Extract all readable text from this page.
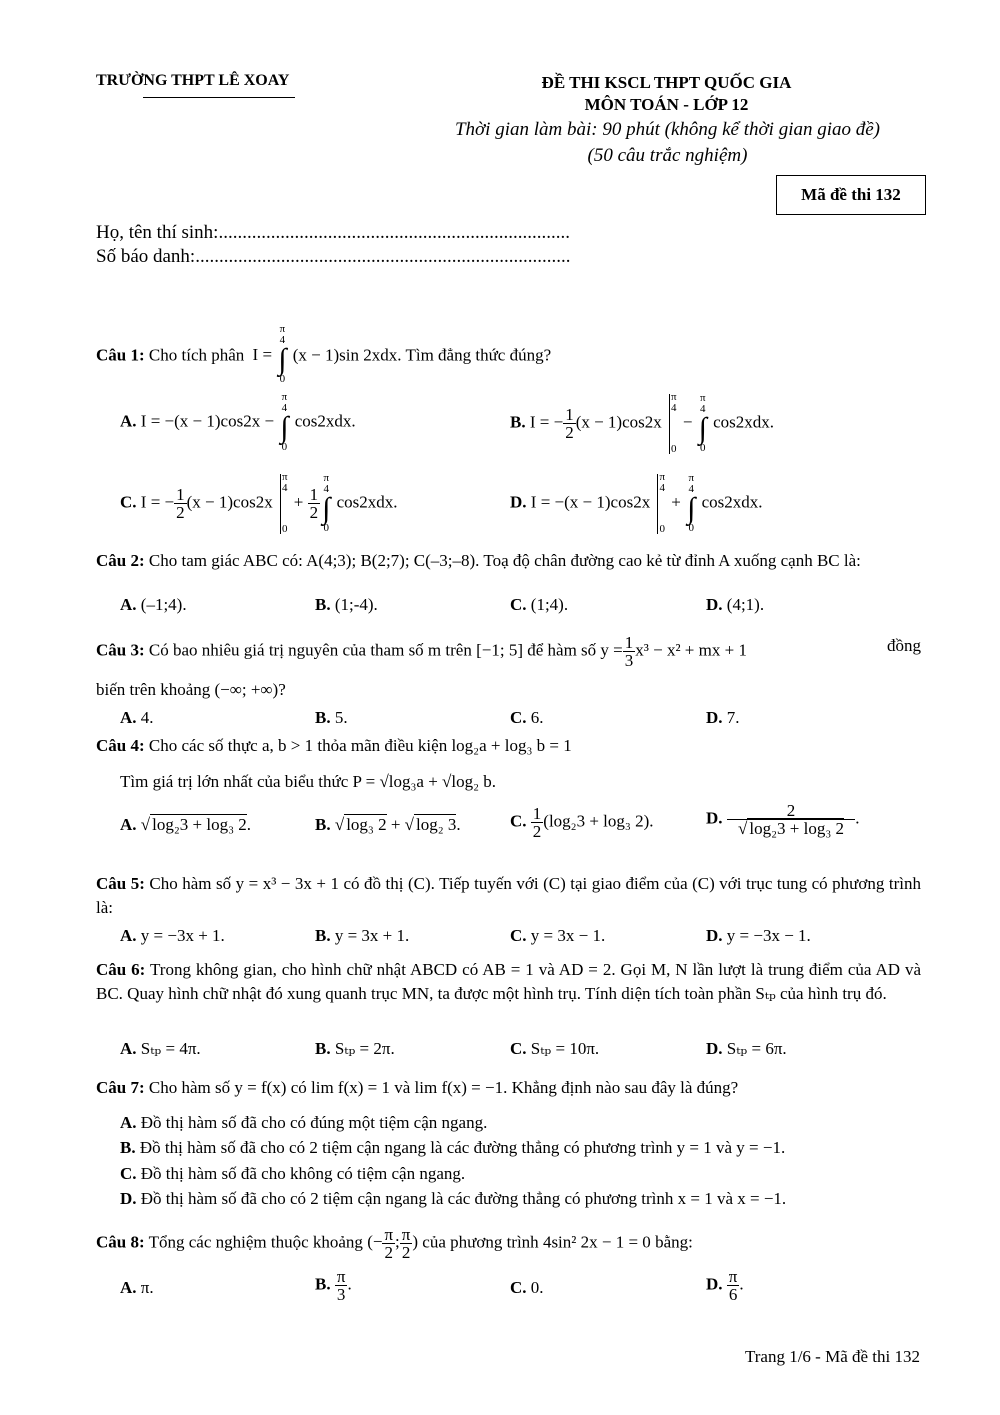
TRƯỜNG THPT LÊ XOAY	ĐỀ THI KSCL THPT QUỐC GIA
MÔN TOÁN - LỚP 12
Thời gian làm bài: 90 phút (không kể thời gian giao đề)
(50 câu trắc nghiệm)
Mã đề thi 132
Họ, tên thí sinh:..........................................................................
Số báo danh:...............................................................................
Câu 1: Cho tích phân I =
π
4
∫
0
(x − 1)sin 2xdx. Tìm đẳng thức đúng?
A. I = −(x − 1)cos2x −
π
4
∫
0
cos2xdx.	B. I = − $\frac{1}{2} (x - 1)\cos 2x$
π
4
0
−
π
4
∫
0
cos2xdx.
C. I = − $\frac{1}{2} (x - 1)\cos 2x$
π
4
0
+ $\frac{1}{2}$
π
4
∫
0
cos2xdx.	D. I = −(x − 1)cos2x
π
4
0
+
π
4
∫
0
cos2xdx.
Câu 2: Cho tam giác ABC có: A(4;3); B(2;7); C(–3;–8). Toạ độ chân đường cao kẻ từ đỉnh A xuống cạnh BC là:
A. (–1;4).	B. (1;-4).	C. (1;4).	D. (4;1).
Câu 3: Có bao nhiêu giá trị nguyên của tham số m trên [−1; 5] để hàm số $y = \frac{1}{3} x^3 - x^2$ + mx + 1	đồng
biến trên khoảng (−∞; +∞)?
A. 4.	B. 5.	C. 6.	D. 7.
Câu 4: Cho các số thực a, b > 1 thỏa mãn điều kiện log₂a + log₃ b = 1
Tìm giá trị lớn nhất của biểu thức P = √log₃a + √log₂ b.
A. √ log₂3 + log₃ 2.	B. √ log₃ 2 + √ log₂ 3.	C. $\frac{1}{2} (\log_23 + \log_3$ 2).	D. $\frac{2}{\text{√ log₂3 + log₃ 2}}$ .
Câu 5: Cho hàm số y = x³ − 3x + 1 có đồ thị (C). Tiếp tuyến với (C) tại giao điểm của (C) với trục tung có phương trình là:
A. y = −3x + 1.	B. y = 3x + 1.	C. y = 3x − 1.	D. y = −3x − 1.
Câu 6: Trong không gian, cho hình chữ nhật ABCD có AB = 1 và AD = 2. Gọi M, N lần lượt là trung điểm của AD và BC. Quay hình chữ nhật đó xung quanh trục MN, ta được một hình trụ. Tính diện tích toàn phần Sₜₚ của hình trụ đó.
A. Sₜₚ = 4π.	B. Sₜₚ = 2π.	C. Sₜₚ = 10π.	D. Sₜₚ = 6π.
Câu 7: Cho hàm số y = f(x) có lim f(x) = 1 và lim f(x) = −1. Khẳng định nào sau đây là đúng?
A. Đồ thị hàm số đã cho có đúng một tiệm cận ngang.
B. Đồ thị hàm số đã cho có 2 tiệm cận ngang là các đường thẳng có phương trình y = 1 và y = −1.
C. Đồ thị hàm số đã cho không có tiệm cận ngang.
D. Đồ thị hàm số đã cho có 2 tiệm cận ngang là các đường thẳng có phương trình x = 1 và x = −1.
Câu 8: Tổng các nghiệm thuộc khoảng (− $\frac{\pi}{2}$ ; $\frac{\pi}{2}$ ) của phương trình 4sin² 2x − 1 = 0 bằng:
A. π.	B. $\frac{\pi}{3}$ .	C. 0.	D. $\frac{\pi}{6}$ .
Trang 1/6 - Mã đề thi 132
